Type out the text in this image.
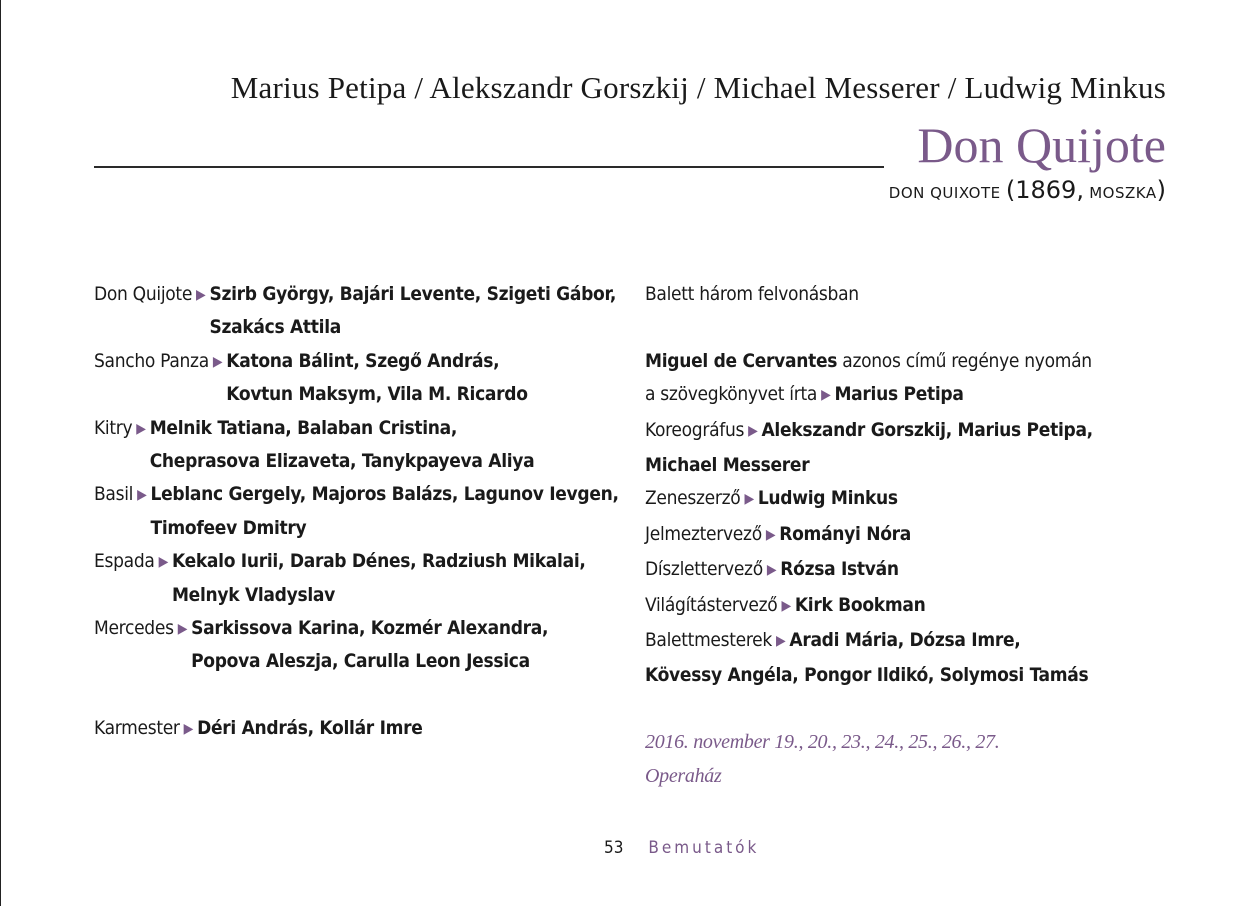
Marius Petipa / Alekszandr Gorszkij / Michael Messerer / Ludwig Minkus
Don Quijote
DON QUIXOTE (1869, MOSZKA)
Don Quijote ▶ Szirb György, Bajári Levente, Szigeti Gábor,
Szakács Attila
Sancho Panza ▶ Katona Bálint, Szegő András,
Kovtun Maksym, Vila M. Ricardo
Kitry ▶ Melnik Tatiana, Balaban Cristina,
Cheprasova Elizaveta, Tanykpayeva Aliya
Basil ▶ Leblanc Gergely, Majoros Balázs, Lagunov Ievgen,
Timofeev Dmitry
Espada ▶ Kekalo Iurii, Darab Dénes, Radziush Mikalai,
Melnyk Vladyslav
Mercedes ▶ Sarkissova Karina, Kozmér Alexandra,
Popova Aleszja, Carulla Leon Jessica
Karmester ▶ Déri András, Kollár Imre
Balett három felvonásban
Miguel de Cervantes azonos című regénye nyomán
a szövegkönyvet írta ▶ Marius Petipa
Koreográfus ▶ Alekszandr Gorszkij, Marius Petipa,
Michael Messerer
Zeneszerző ▶ Ludwig Minkus
Jelmeztervező ▶ Rományi Nóra
Díszlettervező ▶ Rózsa István
Világítástervező ▶ Kirk Bookman
Balettmesterek ▶ Aradi Mária, Dózsa Imre,
Kövessy Angéla, Pongor Ildikó, Solymosi Tamás
2016. november 19., 20., 23., 24., 25., 26., 27.
Operaház
53 Bemutatók
